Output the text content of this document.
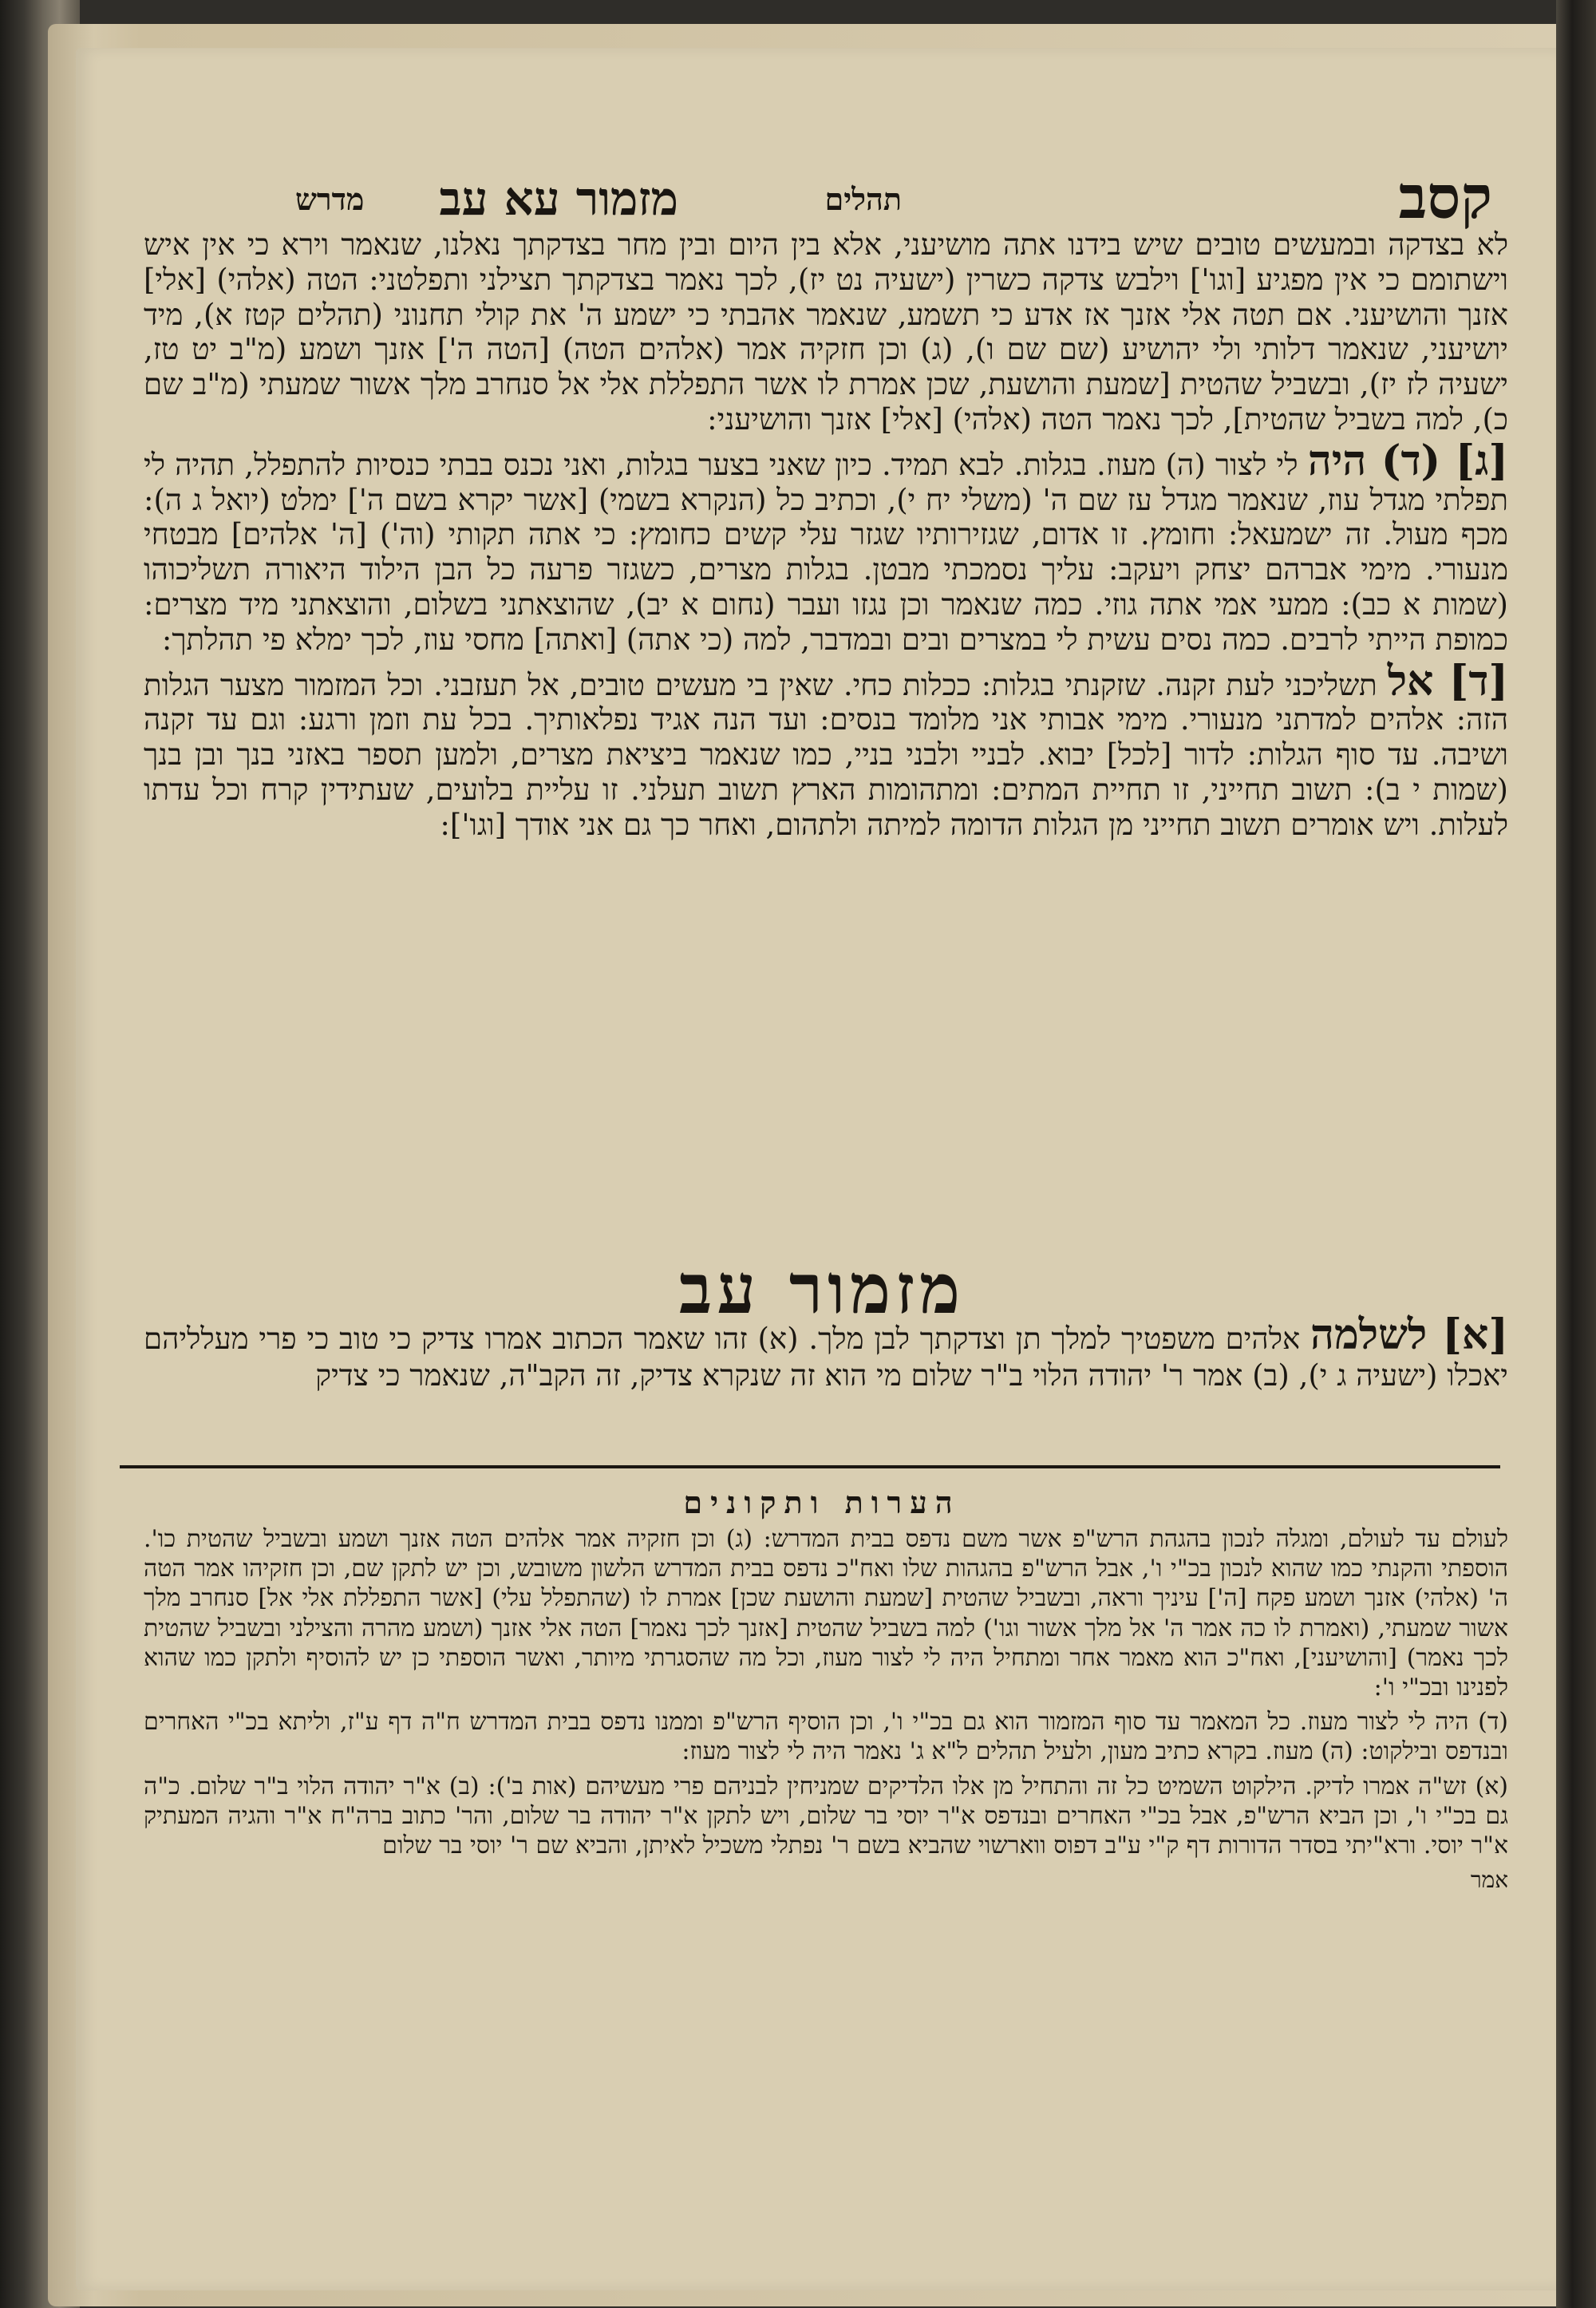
קסב
תהלים
מזמור עא עב
מדרש

לא בצדקה ובמעשים טובים שיש בידנו אתה מושיעני, אלא בין היום ובין מחר בצדקתך נאלנו, שנאמר וירא כי אין איש וישתומם כי אין מפגיע [וגו'] וילבש צדקה כשרין (ישעיה נט יז), לכך נאמר בצדקתך תצילני ותפלטני: הטה (אלהי) [אלי] אזנך והושיעני. אם תטה אלי אזנך אז אדע כי תשמע, שנאמר אהבתי כי ישמע ה' את קולי תחנוני (תהלים קטז א), מיד יושיעני, שנאמר דלותי ולי יהושיע (שם שם ו), (ג) וכן חזקיה אמר (אלהים הטה) [הטה ה'] אזנך ושמע (מ"ב יט טז, ישעיה לז יז), ובשביל שהטית [שמעת והושעת, שכן אמרת לו אשר התפללת אלי אל סנחרב מלך אשור שמעתי (מ"ב שם כ), למה בשביל שהטית], לכך נאמר הטה (אלהי) [אלי] אזנך והושיעני:

[ג] (ד) היה לי לצור (ה) מעוז. בגלות. לבא תמיד. כיון שאני בצער בגלות, ואני נכנס בבתי כנסיות להתפלל, תהיה לי תפלתי מגדל עוז, שנאמר מגדל עז שם ה' (משלי יח י), וכתיב כל (הנקרא בשמי) [אשר יקרא בשם ה'] ימלט (יואל ג ה): מכף מעול. זה ישמעאל: וחומץ. זו אדום, שגזירותיו שגזר עלי קשים כחומץ: כי אתה תקותי (וה') [ה' אלהים] מבטחי מנעורי. מימי אברהם יצחק ויעקב: עליך נסמכתי מבטן. בגלות מצרים, כשגזר פרעה כל הבן הילוד היאורה תשליכוהו (שמות א כב): ממעי אמי אתה גוזי. כמה שנאמר וכן נגזו ועבר (נחום א יב), שהוצאתני בשלום, והוצאתני מיד מצרים: כמופת הייתי לרבים. כמה נסים עשית לי במצרים ובים ובמדבר, למה (כי אתה) [ואתה] מחסי עוז, לכך ימלא פי תהלתך:

[ד] אל תשליכני לעת זקנה. שזקנתי בגלות: ככלות כחי. שאין בי מעשים טובים, אל תעזבני. וכל המזמור מצער הגלות הזה: אלהים למדתני מנעורי. מימי אבותי אני מלומד בנסים: ועד הנה אגיד נפלאותיך. בכל עת וזמן ורגע: וגם עד זקנה ושיבה. עד סוף הגלות: לדור [לכל] יבוא. לבניי ולבני בניי, כמו שנאמר ביציאת מצרים, ולמען תספר באזני בנך ובן בנך (שמות י ב): תשוב תחייני, זו תחיית המתים: ומתהומות הארץ תשוב תעלני. זו עליית בלועים, שעתידין קרח וכל עדתו לעלות. ויש אומרים תשוב תחייני מן הגלות הדומה למיתה ולתהום, ואחר כך גם אני אודך [וגו']:

מזמור עב

[א] לשלמה אלהים משפטיך למלך תן וצדקתך לבן מלך. (א) זהו שאמר הכתוב אמרו צדיק כי טוב כי פרי מעלליהם יאכלו (ישעיה ג י), (ב) אמר ר' יהודה הלוי ב"ר שלום מי הוא זה שנקרא צדיק, זה הקב"ה, שנאמר כי צדיק

הערות ותקונים

לעולם עד לעולם, ומגלה לנכון בהגהת הרש"פ אשר משם נדפס בבית המדרש: (ג) וכן חזקיה אמר אלהים הטה אזנך ושמע ובשביל שהטית כו'. הוספתי והקנתי כמו שהוא לנכון בכ"י ו', אבל הרש"פ בהגהות שלו ואח"כ נדפס בבית המדרש הלשון משובש, וכן יש לתקן שם, וכן חזקיהו אמר הטה ה' (אלהי) אזנך ושמע פקח [ה'] עיניך וראה, ובשביל שהטית [שמעת והושעת שכן] אמרת לו (שהתפלל עלי) [אשר התפללת אלי אל] סנחרב מלך אשור שמעתי, (ואמרת לו כה אמר ה' אל מלך אשור וגו') למה בשביל שהטית [אזנך לכך נאמר] הטה אלי אזנך (ושמע מהרה והצילני ובשביל שהטית לכך נאמר) [והושיעני], ואח"כ הוא מאמר אחר ומתחיל היה לי לצור מעוז, וכל מה שהסגרתי מיותר, ואשר הוספתי כן יש להוסיף ולתקן כמו שהוא לפנינו ובכ"י ו':

(ד) היה לי לצור מעוז. כל המאמר עד סוף המזמור הוא גם בכ"י ו', וכן הוסיף הרש"פ וממנו נדפס בבית המדרש ח"ה דף ע"ז, וליתא בכ"י האחרים ובנדפס ובילקוט: (ה) מעוז. בקרא כתיב מעון, ולעיל תהלים ל"א ג' נאמר היה לי לצור מעוז:

(א) זש"ה אמרו לדיק. הילקוט השמיט כל זה והתחיל מן אלו הלדיקים שמניחין לבניהם פרי מעשיהם (אות ב'): (ב) א"ר יהודה הלוי ב"ר שלום. כ"ה גם בכ"י ו', וכן הביא הרש"פ, אבל בכ"י האחרים ובנדפס א"ר יוסי בר שלום, ויש לתקן א"ר יהודה בר שלום, והר' כתוב ברה"ח א"ר והגיה המעתיק א"ר יוסי. ורא"יתי בסדר הדורות דף ק"י ע"ב דפוס ווארשוי שהביא בשם ר' נפתלי משכיל לאיתן, והביא שם ר' יוסי בר שלום

אמר
